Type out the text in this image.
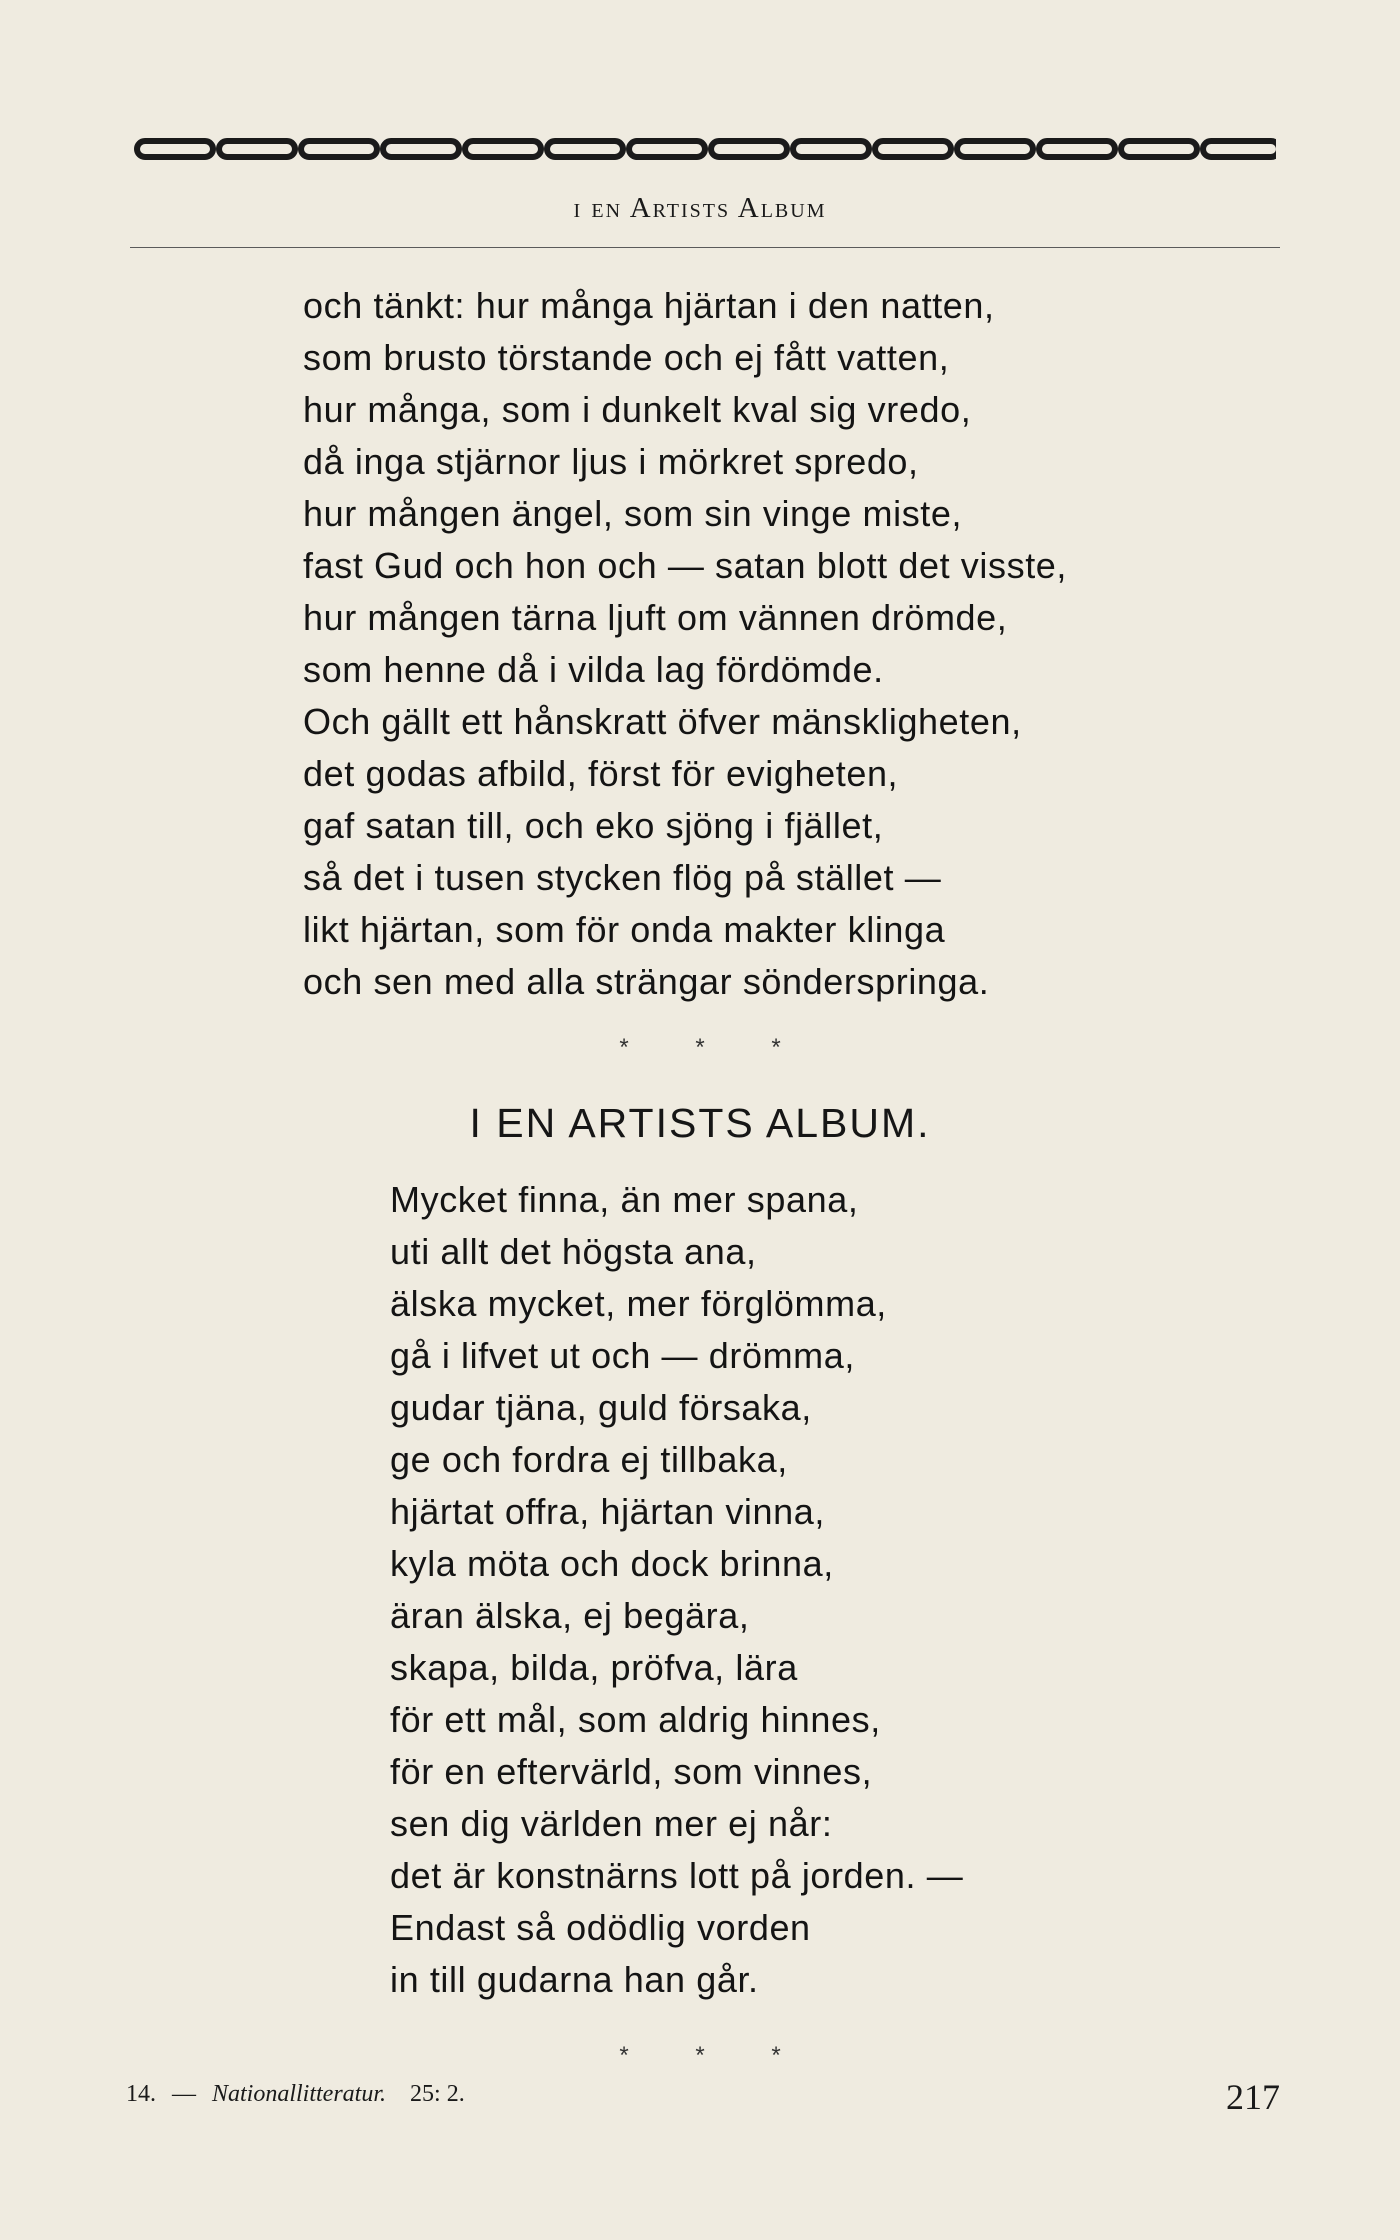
i en Artists Album
och tänkt: hur många hjärtan i den natten,
som brusto törstande och ej fått vatten,
hur många, som i dunkelt kval sig vredo,
då inga stjärnor ljus i mörkret spredo,
hur mången ängel, som sin vinge miste,
fast Gud och hon och — satan blott det visste,
hur mången tärna ljuft om vännen drömde,
som henne då i vilda lag fördömde.
Och gällt ett hånskratt öfver mänskligheten,
det godas afbild, först för evigheten,
gaf satan till, och eko sjöng i fjället,
så det i tusen stycken flög på stället —
likt hjärtan, som för onda makter klinga
och sen med alla strängar sönderspringa.
* * *
I EN ARTISTS ALBUM.
Mycket finna, än mer spana,
uti allt det högsta ana,
älska mycket, mer förglömma,
gå i lifvet ut och — drömma,
gudar tjäna, guld försaka,
ge och fordra ej tillbaka,
hjärtat offra, hjärtan vinna,
kyla möta och dock brinna,
äran älska, ej begära,
skapa, bilda, pröfva, lära
för ett mål, som aldrig hinnes,
för en eftervärld, som vinnes,
sen dig världen mer ej når:
det är konstnärns lott på jorden. —
Endast så odödlig vorden
in till gudarna han går.
* * *
14. — Nationallitteratur. 25: 2.	217
